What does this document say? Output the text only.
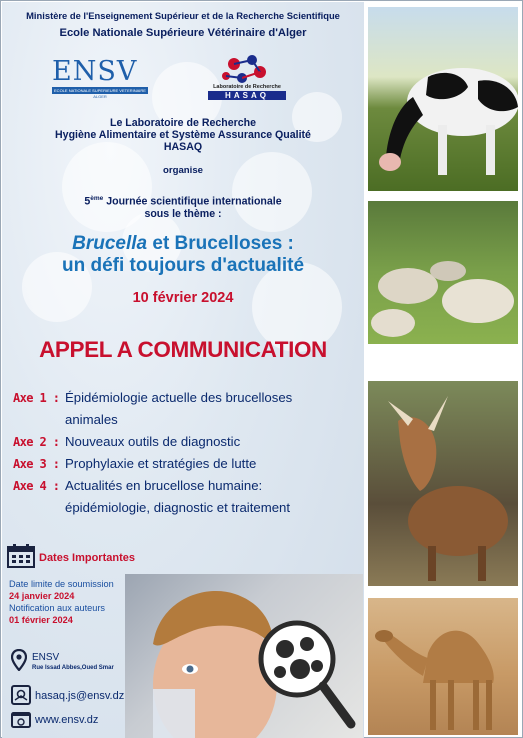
Ministère de l'Enseignement Supérieur et de la Recherche Scientifique
Ecole Nationale Supérieure Vétérinaire d'Alger
ENSV
ECOLE NATIONALE SUPERIEURE VETERINAIRE
ALGER
Laboratoire de Recherche
HASAQ
Le Laboratoire de Recherche
Hygiène Alimentaire et Système Assurance Qualité
HASAQ
organise
5ème Journée scientifique internationale
sous le thème :
Brucella et Brucelloses :
un défi toujours d'actualité
10 février 2024
APPEL A COMMUNICATION
Axe 1 : Épidémiologie actuelle des brucelloses
animales
Axe 2 : Nouveaux outils de diagnostic
Axe 3 : Prophylaxie et stratégies de lutte
Axe 4 : Actualités en brucellose humaine:
épidémiologie, diagnostic et traitement
Dates Importantes
Date limite de soumission
24 janvier 2024
Notification aux auteurs
01 février 2024
ENSV
Rue Issad Abbes,Oued Smar
hasaq.js@ensv.dz
www.ensv.dz
